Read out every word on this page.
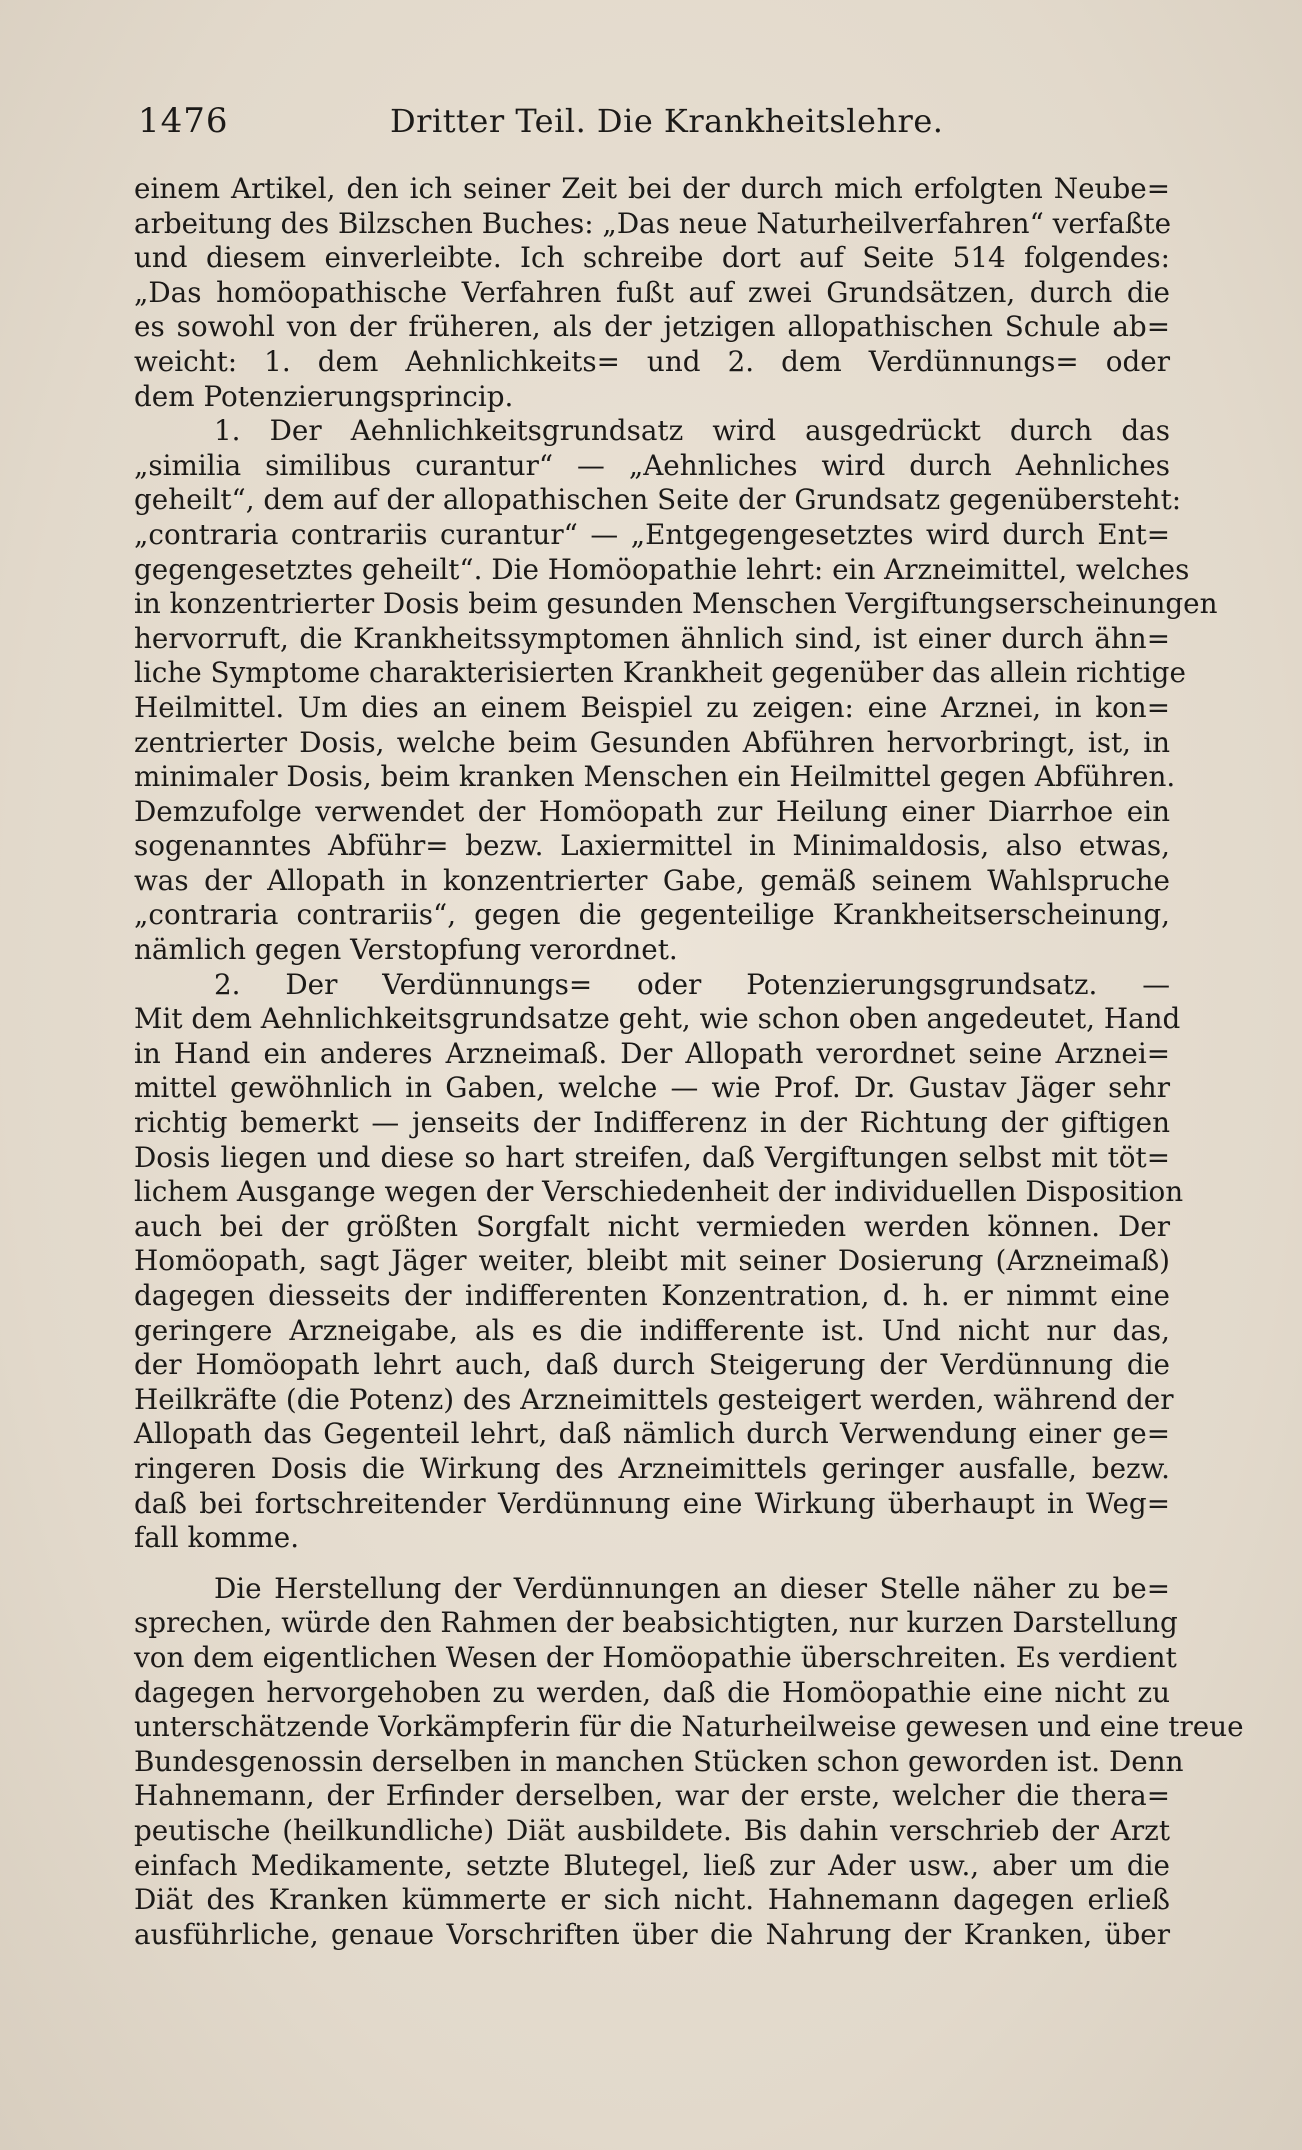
1476	Dritter Teil. Die Krankheitslehre.
einem Artikel, den ich seiner Zeit bei der durch mich erfolgten Neube=
arbeitung des Bilzschen Buches: „Das neue Naturheilverfahren“ verfaßte
und diesem einverleibte. Ich schreibe dort auf Seite 514 folgendes:
„Das homöopathische Verfahren fußt auf zwei Grundsätzen, durch die
es sowohl von der früheren, als der jetzigen allopathischen Schule ab=
weicht: 1. dem Aehnlichkeits= und 2. dem Verdünnungs= oder
dem Potenzierungsprincip.
1. Der Aehnlichkeitsgrundsatz wird ausgedrückt durch das
„similia similibus curantur“ — „Aehnliches wird durch Aehnliches
geheilt“, dem auf der allopathischen Seite der Grundsatz gegenübersteht:
„contraria contrariis curantur“ — „Entgegengesetztes wird durch Ent=
gegengesetztes geheilt“. Die Homöopathie lehrt: ein Arzneimittel, welches
in konzentrierter Dosis beim gesunden Menschen Vergiftungserscheinungen
hervorruft, die Krankheitssymptomen ähnlich sind, ist einer durch ähn=
liche Symptome charakterisierten Krankheit gegenüber das allein richtige
Heilmittel. Um dies an einem Beispiel zu zeigen: eine Arznei, in kon=
zentrierter Dosis, welche beim Gesunden Abführen hervorbringt, ist, in
minimaler Dosis, beim kranken Menschen ein Heilmittel gegen Abführen.
Demzufolge verwendet der Homöopath zur Heilung einer Diarrhoe ein
sogenanntes Abführ= bezw. Laxiermittel in Minimaldosis, also etwas,
was der Allopath in konzentrierter Gabe, gemäß seinem Wahlspruche
„contraria contrariis“, gegen die gegenteilige Krankheitserscheinung,
nämlich gegen Verstopfung verordnet.
2. Der Verdünnungs= oder Potenzierungsgrundsatz. —
Mit dem Aehnlichkeitsgrundsatze geht, wie schon oben angedeutet, Hand
in Hand ein anderes Arzneimaß. Der Allopath verordnet seine Arznei=
mittel gewöhnlich in Gaben, welche — wie Prof. Dr. Gustav Jäger sehr
richtig bemerkt — jenseits der Indifferenz in der Richtung der giftigen
Dosis liegen und diese so hart streifen, daß Vergiftungen selbst mit töt=
lichem Ausgange wegen der Verschiedenheit der individuellen Disposition
auch bei der größten Sorgfalt nicht vermieden werden können. Der
Homöopath, sagt Jäger weiter, bleibt mit seiner Dosierung (Arzneimaß)
dagegen diesseits der indifferenten Konzentration, d. h. er nimmt eine
geringere Arzneigabe, als es die indifferente ist. Und nicht nur das,
der Homöopath lehrt auch, daß durch Steigerung der Verdünnung die
Heilkräfte (die Potenz) des Arzneimittels gesteigert werden, während der
Allopath das Gegenteil lehrt, daß nämlich durch Verwendung einer ge=
ringeren Dosis die Wirkung des Arzneimittels geringer ausfalle, bezw.
daß bei fortschreitender Verdünnung eine Wirkung überhaupt in Weg=
fall komme.
Die Herstellung der Verdünnungen an dieser Stelle näher zu be=
sprechen, würde den Rahmen der beabsichtigten, nur kurzen Darstellung
von dem eigentlichen Wesen der Homöopathie überschreiten. Es verdient
dagegen hervorgehoben zu werden, daß die Homöopathie eine nicht zu
unterschätzende Vorkämpferin für die Naturheilweise gewesen und eine treue
Bundesgenossin derselben in manchen Stücken schon geworden ist. Denn
Hahnemann, der Erfinder derselben, war der erste, welcher die thera=
peutische (heilkundliche) Diät ausbildete. Bis dahin verschrieb der Arzt
einfach Medikamente, setzte Blutegel, ließ zur Ader usw., aber um die
Diät des Kranken kümmerte er sich nicht. Hahnemann dagegen erließ
ausführliche, genaue Vorschriften über die Nahrung der Kranken, über
